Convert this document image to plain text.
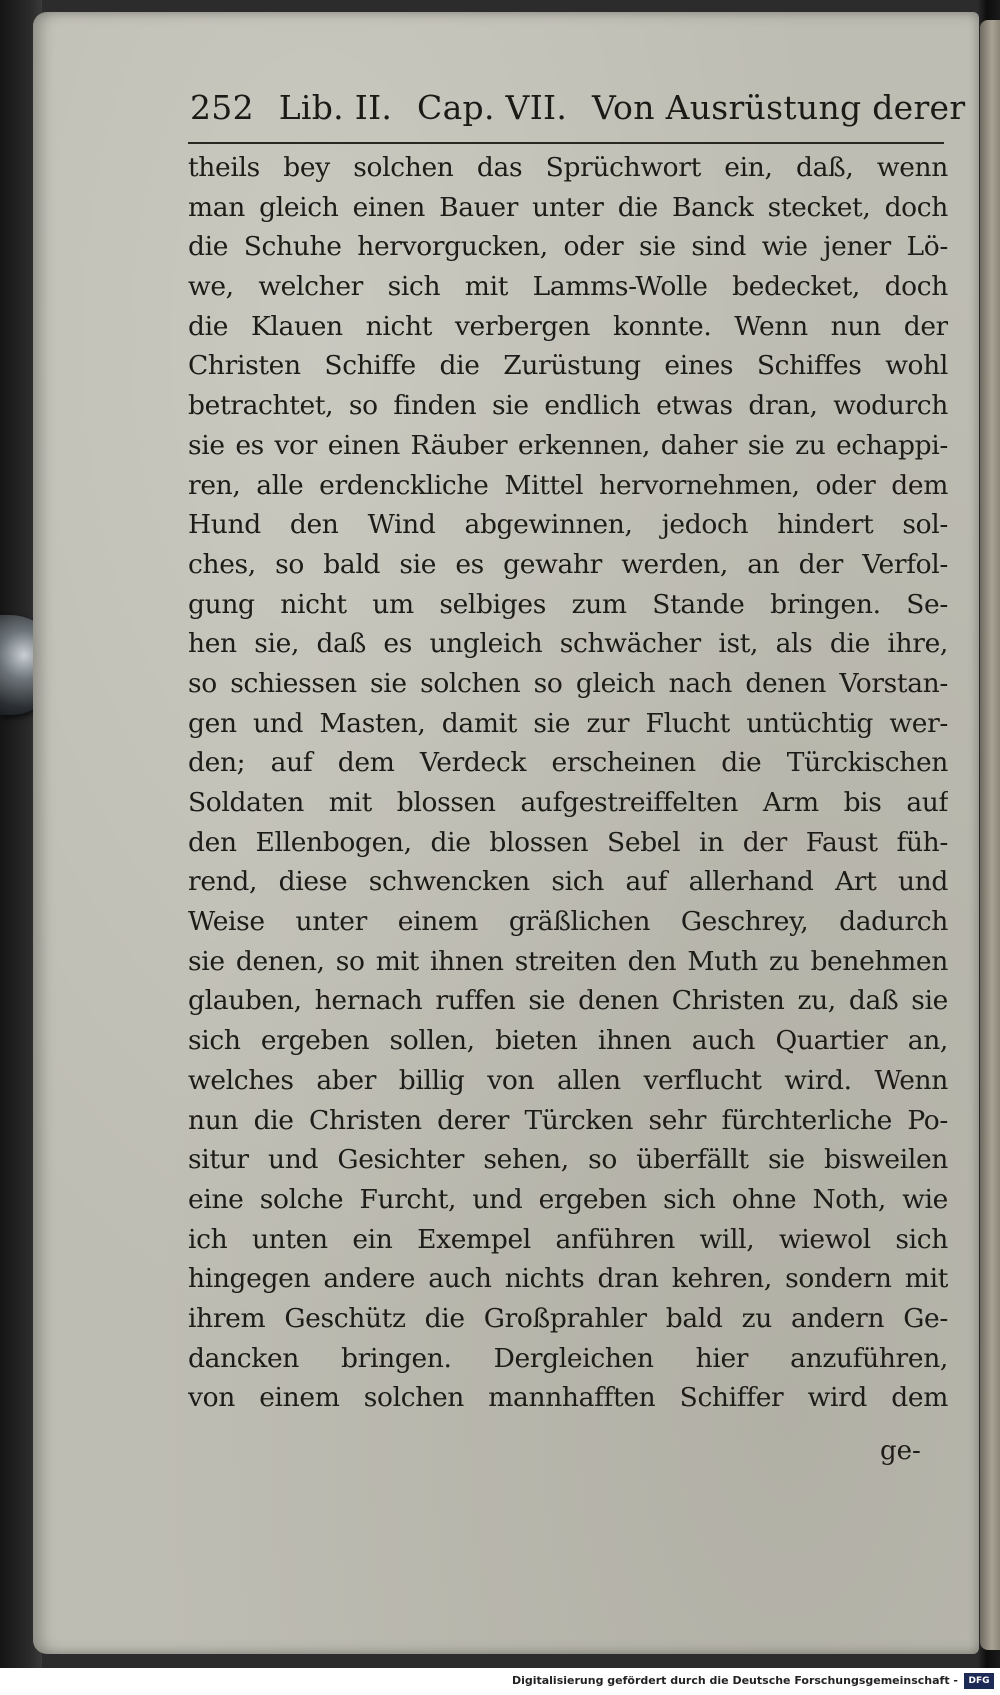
252 Lib. II. Cap. VII. Von Ausrüstung derer
theils bey solchen das Sprüchwort ein, daß, wenn
man gleich einen Bauer unter die Banck stecket, doch
die Schuhe hervorgucken, oder sie sind wie jener Lö-
we, welcher sich mit Lamms-Wolle bedecket, doch
die Klauen nicht verbergen konnte. Wenn nun der
Christen Schiffe die Zurüstung eines Schiffes wohl
betrachtet, so finden sie endlich etwas dran, wodurch
sie es vor einen Räuber erkennen, daher sie zu echappi-
ren, alle erdenckliche Mittel hervornehmen, oder dem
Hund den Wind abgewinnen, jedoch hindert sol-
ches, so bald sie es gewahr werden, an der Verfol-
gung nicht um selbiges zum Stande bringen. Se-
hen sie, daß es ungleich schwächer ist, als die ihre,
so schiessen sie solchen so gleich nach denen Vorstan-
gen und Masten, damit sie zur Flucht untüchtig wer-
den; auf dem Verdeck erscheinen die Türckischen
Soldaten mit blossen aufgestreiffelten Arm bis auf
den Ellenbogen, die blossen Sebel in der Faust füh-
rend, diese schwencken sich auf allerhand Art und
Weise unter einem gräßlichen Geschrey, dadurch
sie denen, so mit ihnen streiten den Muth zu benehmen
glauben, hernach ruffen sie denen Christen zu, daß sie
sich ergeben sollen, bieten ihnen auch Quartier an,
welches aber billig von allen verflucht wird. Wenn
nun die Christen derer Türcken sehr fürchterliche Po-
situr und Gesichter sehen, so überfällt sie bisweilen
eine solche Furcht, und ergeben sich ohne Noth, wie
ich unten ein Exempel anführen will, wiewol sich
hingegen andere auch nichts dran kehren, sondern mit
ihrem Geschütz die Großprahler bald zu andern Ge-
dancken bringen. Dergleichen hier anzuführen,
von einem solchen mannhafften Schiffer wird dem
ge-
Digitalisierung gefördert durch die Deutsche Forschungsgemeinschaft -	DFG
